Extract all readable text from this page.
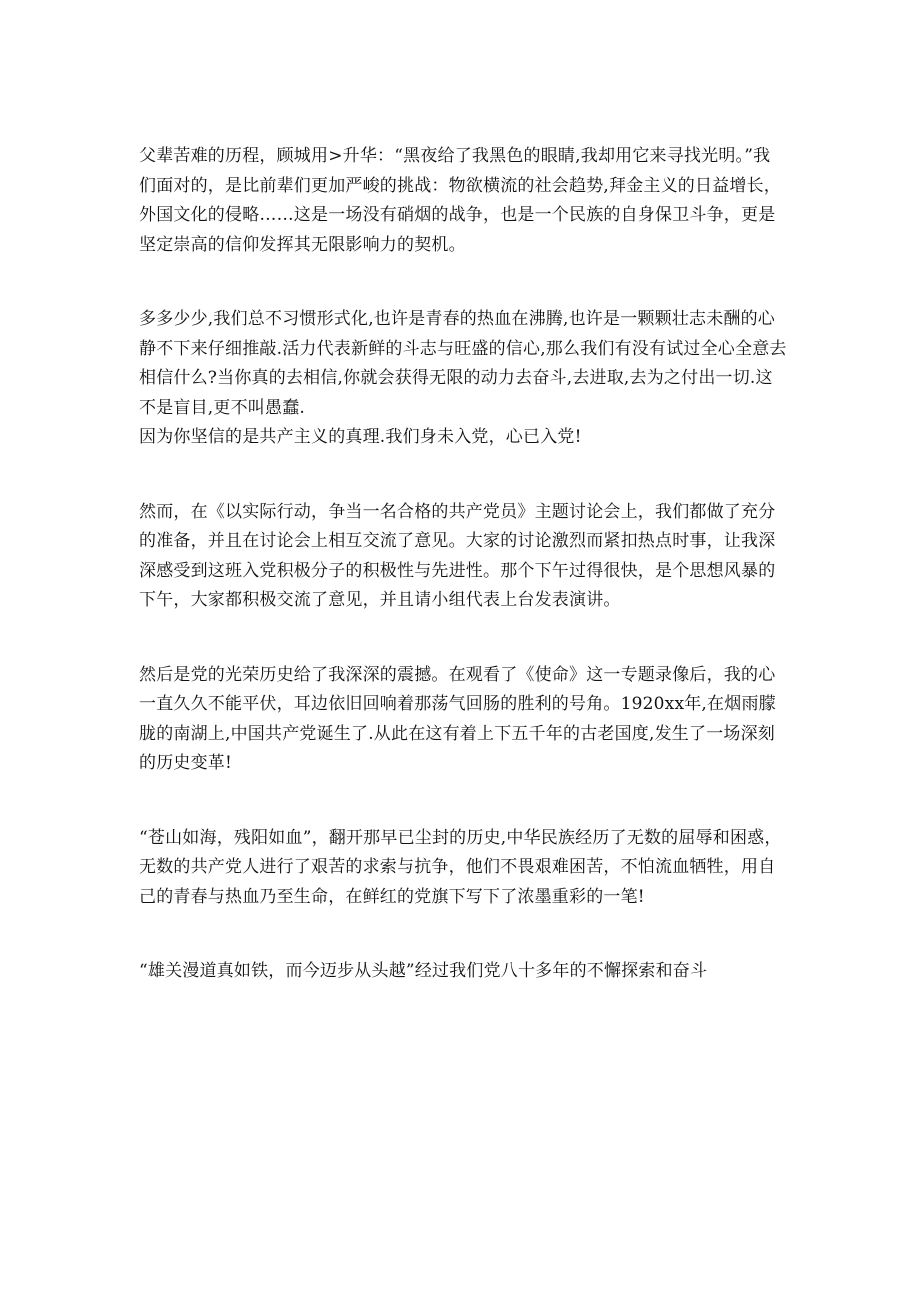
父辈苦难的历程，顾城用>升华：“黑夜给了我黑色的眼睛,我却用它来寻找光明。”我们面对的，是比前辈们更加严峻的挑战：物欲横流的社会趋势,拜金主义的日益增长，外国文化的侵略……这是一场没有硝烟的战争，也是一个民族的自身保卫斗争，更是坚定崇高的信仰发挥其无限影响力的契机。

多多少少,我们总不习惯形式化,也许是青春的热血在沸腾,也许是一颗颗壮志未酬的心静不下来仔细推敲.活力代表新鲜的斗志与旺盛的信心,那么我们有没有试过全心全意去相信什么?当你真的去相信,你就会获得无限的动力去奋斗,去进取,去为之付出一切.这不是盲目,更不叫愚蠢.
因为你坚信的是共产主义的真理.我们身未入党，心已入党!

然而，在《以实际行动，争当一名合格的共产党员》主题讨论会上，我们都做了充分的准备，并且在讨论会上相互交流了意见。大家的讨论激烈而紧扣热点时事，让我深深感受到这班入党积极分子的积极性与先进性。那个下午过得很快，是个思想风暴的下午，大家都积极交流了意见，并且请小组代表上台发表演讲。

然后是党的光荣历史给了我深深的震撼。在观看了《使命》这一专题录像后，我的心一直久久不能平伏，耳边依旧回响着那荡气回肠的胜利的号角。1920xx年,在烟雨朦胧的南湖上,中国共产党诞生了.从此在这有着上下五千年的古老国度,发生了一场深刻的历史变革!

“苍山如海，残阳如血”，翻开那早已尘封的历史,中华民族经历了无数的屈辱和困惑，无数的共产党人进行了艰苦的求索与抗争，他们不畏艰难困苦，不怕流血牺牲，用自己的青春与热血乃至生命，在鲜红的党旗下写下了浓墨重彩的一笔!

“雄关漫道真如铁，而今迈步从头越”经过我们党八十多年的不懈探索和奋斗
